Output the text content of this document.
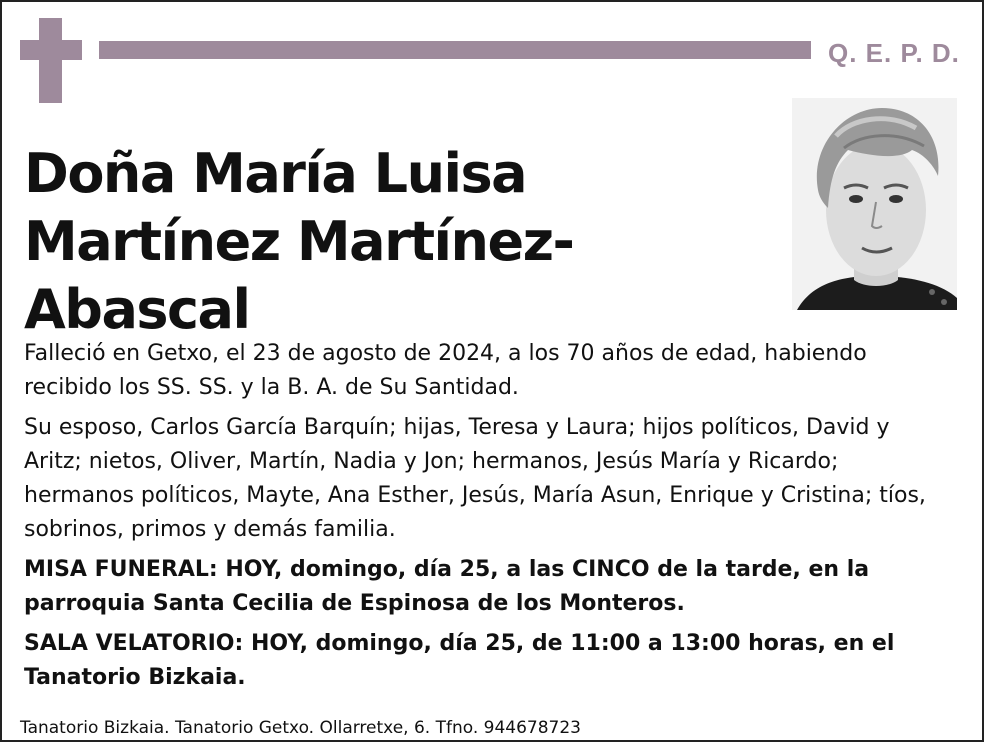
Q. E. P. D.
Doña María Luisa
Martínez Martínez-Abascal

Falleció en Getxo, el 23 de agosto de 2024, a los 70 años de edad, habiendo recibido los SS. SS. y la B. A. de Su Santidad.

Su esposo, Carlos García Barquín; hijas, Teresa y Laura; hijos políticos, David y Aritz; nietos, Oliver, Martín, Nadia y Jon; hermanos, Jesús María y Ricardo; hermanos políticos, Mayte, Ana Esther, Jesús, María Asun, Enrique y Cristina; tíos, sobrinos, primos y demás familia.

MISA FUNERAL: HOY, domingo, día 25, a las CINCO de la tarde, en la parroquia Santa Cecilia de Espinosa de los Monteros.

SALA VELATORIO: HOY, domingo, día 25, de 11:00 a 13:00 horas, en el Tanatorio Bizkaia.

Tanatorio Bizkaia. Tanatorio Getxo. Ollarretxe, 6. Tfno. 944678723
